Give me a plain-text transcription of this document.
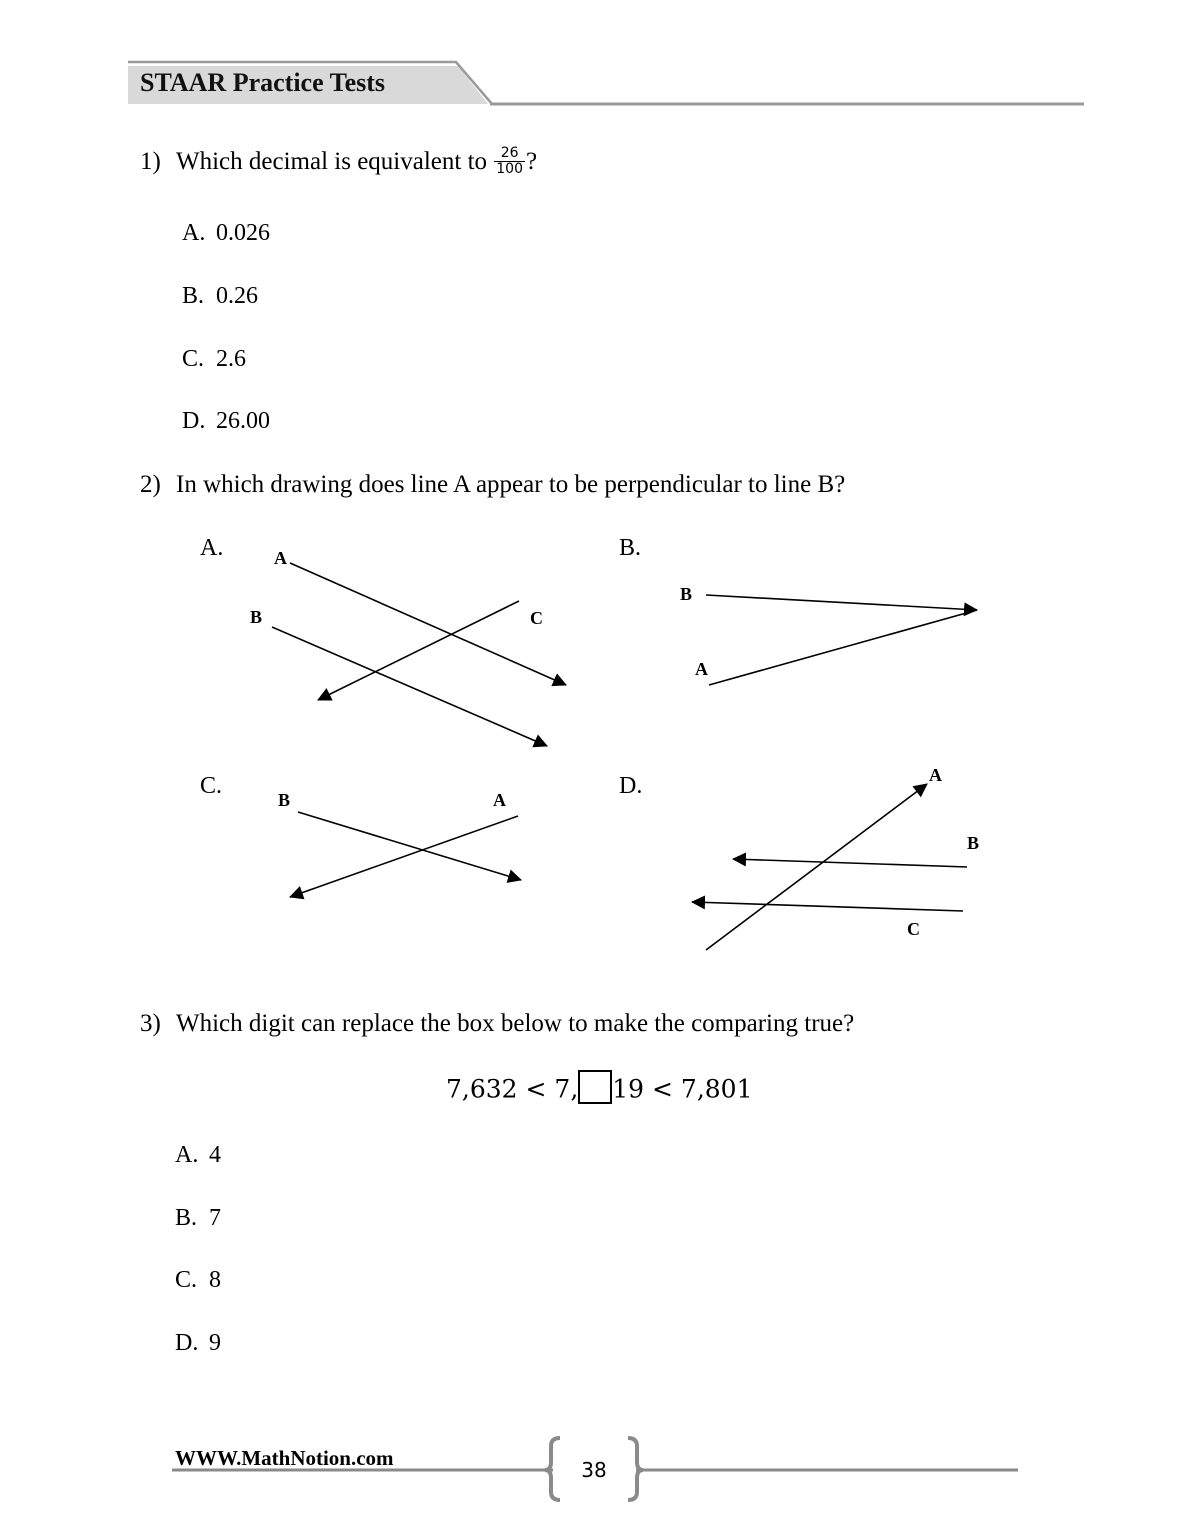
STAAR Practice Tests
1) Which decimal is equivalent to $\frac{26}{100}$ ?
A. 0.026
B. 0.26
C. 2.6
D. 26.00
2) In which drawing does line A appear to be perpendicular to line B?
A.	B.
C.	D.
A
B	C
B
A
B	A
A
B
C
3) Which digit can replace the box below to make the comparing true?
7,632 < 7, 19 < 7,801
A. 4
B. 7
C. 8
D. 9
WWW.MathNotion.com	38
